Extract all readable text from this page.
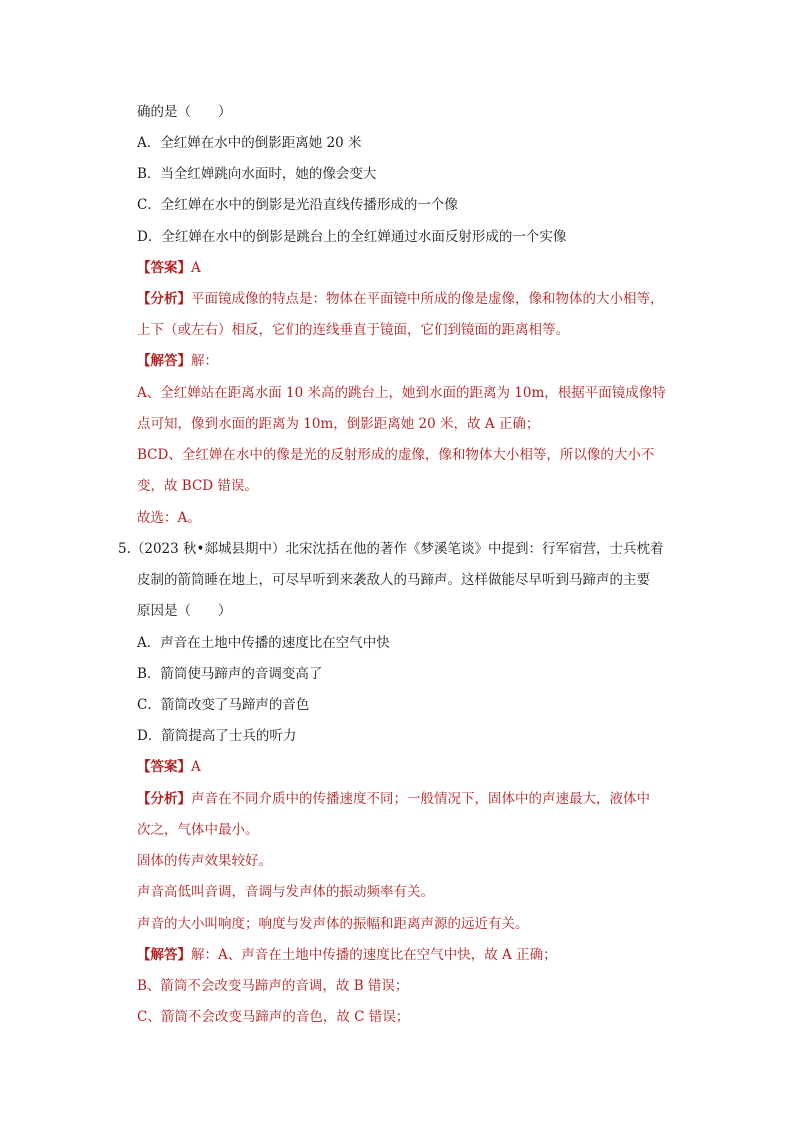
确的是（　　）
A．全红婵在水中的倒影距离她 20 米
B．当全红婵跳向水面时，她的像会变大
C．全红婵在水中的倒影是光沿直线传播形成的一个像
D．全红婵在水中的倒影是跳台上的全红婵通过水面反射形成的一个实像
【答案】A
【分析】平面镜成像的特点是：物体在平面镜中所成的像是虚像，像和物体的大小相等，
上下（或左右）相反，它们的连线垂直于镜面，它们到镜面的距离相等。
【解答】解：
A、全红婵站在距离水面 10 米高的跳台上，她到水面的距离为 10m，根据平面镜成像特
点可知，像到水面的距离为 10m，倒影距离她 20 米，故 A 正确；
BCD、全红婵在水中的像是光的反射形成的虚像，像和物体大小相等，所以像的大小不
变，故 BCD 错误。
故选：A。
5.（2023 秋•郯城县期中）北宋沈括在他的著作《梦溪笔谈》中提到：行军宿营，士兵枕着
皮制的箭筒睡在地上，可尽早听到来袭敌人的马蹄声。这样做能尽早听到马蹄声的主要
原因是（　　）
A．声音在土地中传播的速度比在空气中快
B．箭筒使马蹄声的音调变高了
C．箭筒改变了马蹄声的音色
D．箭筒提高了士兵的听力
【答案】A
【分析】声音在不同介质中的传播速度不同；一般情况下，固体中的声速最大，液体中
次之，气体中最小。
固体的传声效果较好。
声音高低叫音调，音调与发声体的振动频率有关。
声音的大小叫响度；响度与发声体的振幅和距离声源的远近有关。
【解答】解：A、声音在土地中传播的速度比在空气中快，故 A 正确；
B、箭筒不会改变马蹄声的音调，故 B 错误；
C、箭筒不会改变马蹄声的音色，故 C 错误；
